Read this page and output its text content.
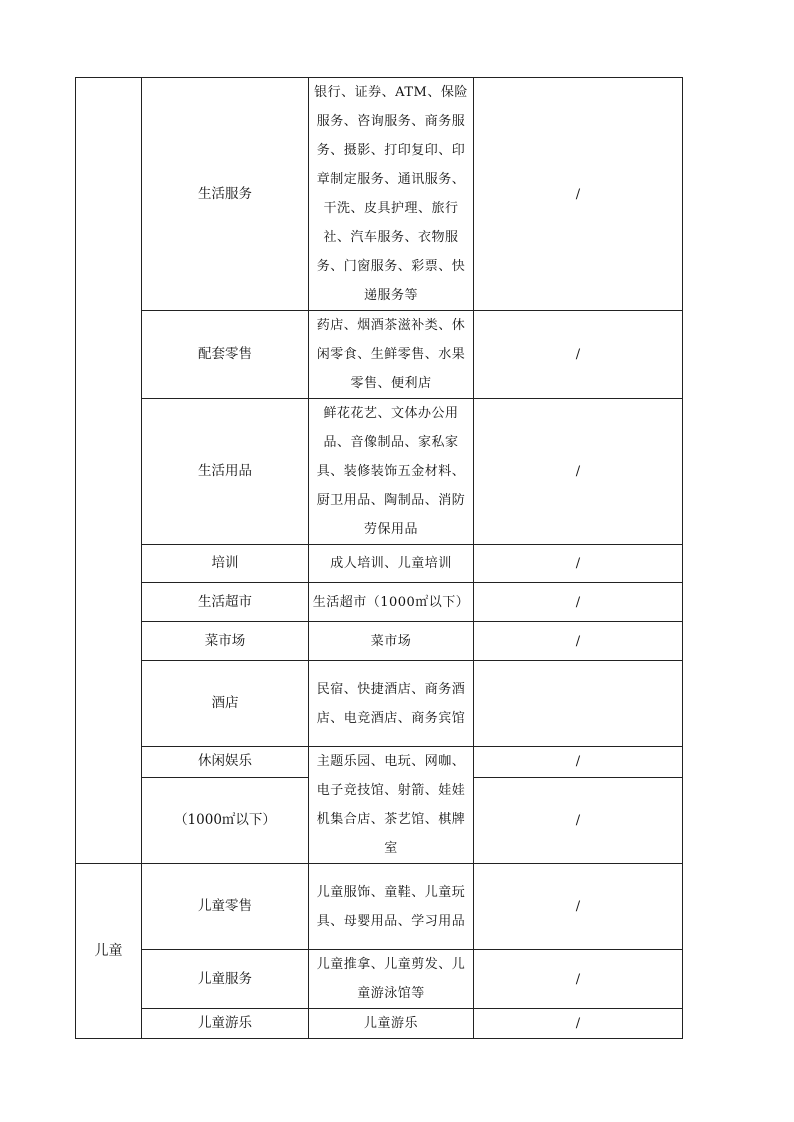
	生活服务	银行、证券、ATM、保险服务、咨询服务、商务服务、摄影、打印复印、印章制定服务、通讯服务、干洗、皮具护理、旅行社、汽车服务、衣物服务、门窗服务、彩票、快递服务等	/
	配套零售	药店、烟酒茶滋补类、休闲零食、生鲜零售、水果零售、便利店	/
	生活用品	鲜花花艺、文体办公用品、音像制品、家私家具、装修装饰五金材料、厨卫用品、陶制品、消防劳保用品	/
	培训	成人培训、儿童培训	/
	生活超市	生活超市（1000㎡以下）	/
	菜市场	菜市场	/
	酒店	民宿、快捷酒店、商务酒店、电竞酒店、商务宾馆	

	休闲娱乐	主题乐园、电玩、网咖、电子竞技馆、射箭、娃娃机集合店、茶艺馆、棋牌室	/
	（1000㎡以下）		/
儿童	儿童零售	儿童服饰、童鞋、儿童玩具、母婴用品、学习用品	/
	儿童服务	儿童推拿、儿童剪发、儿童游泳馆等	/
	儿童游乐	儿童游乐	/
